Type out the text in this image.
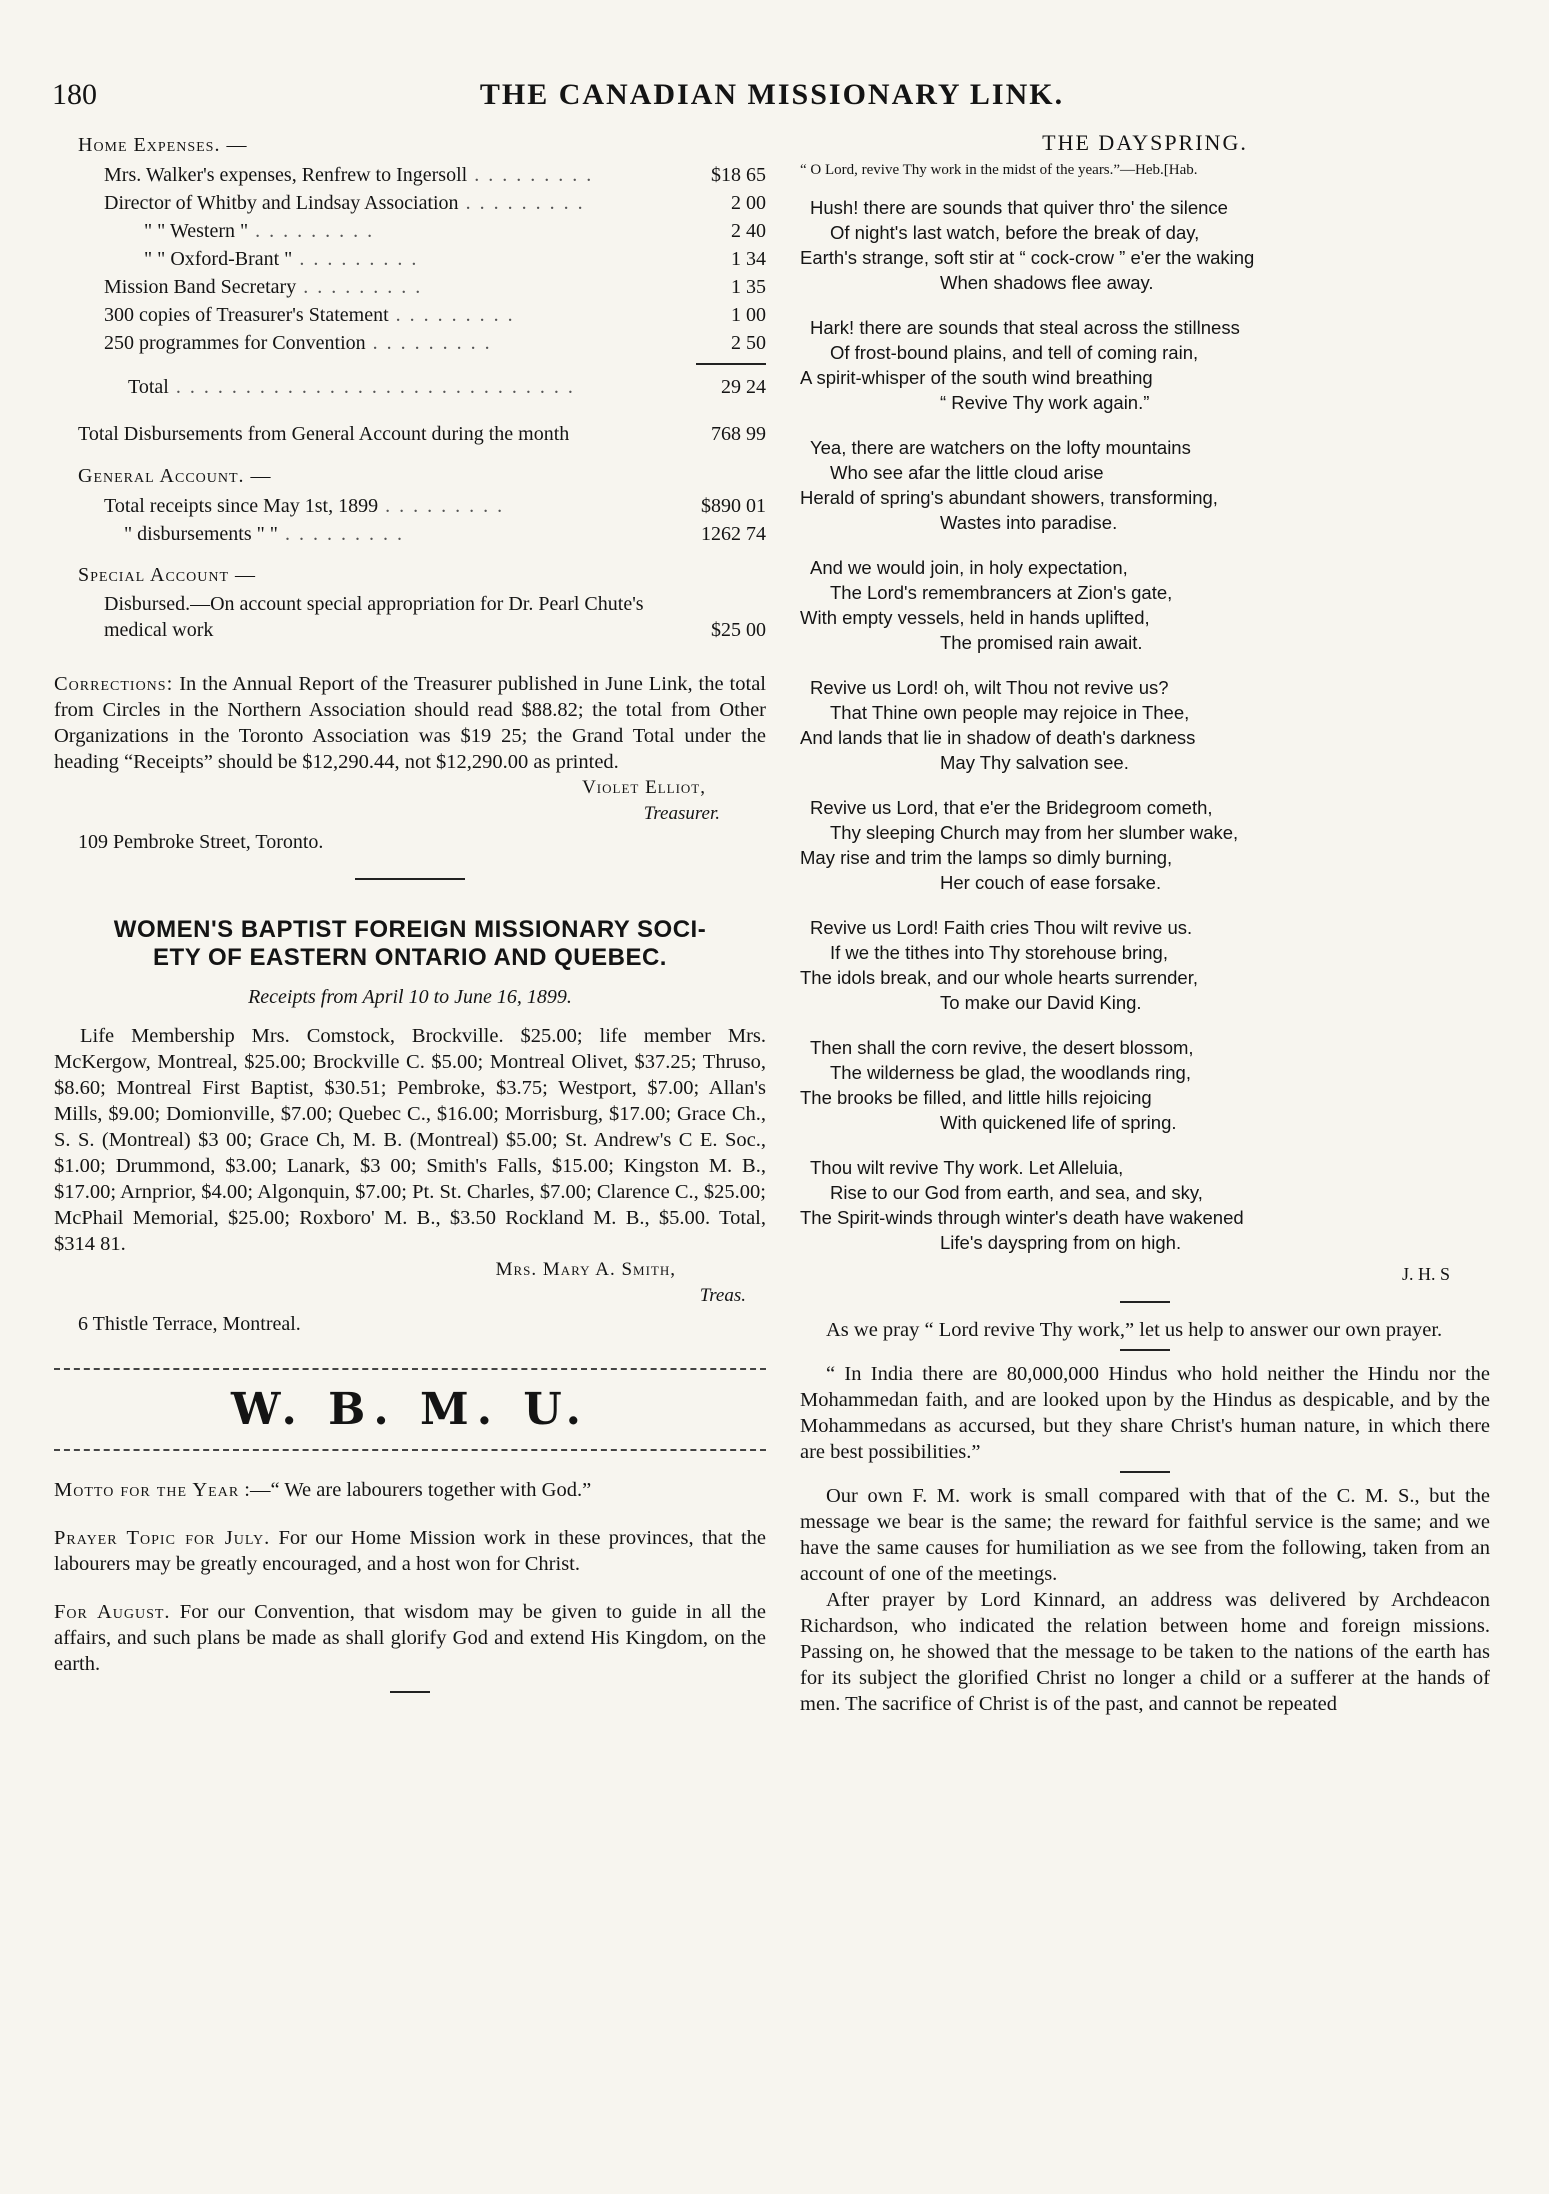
180	THE CANADIAN MISSIONARY LINK.
Home Expenses. —
Mrs. Walker's expenses, Renfrew to Ingersoll . . . . . . . . .	$18 65
Director of Whitby and Lindsay Association . . . . . . . . .	2 00
" " Western " . . . . . . . . .	2 40
" " Oxford-Brant " . . . . . . . . .	1 34
Mission Band Secretary . . . . . . . . .	1 35
300 copies of Treasurer's Statement . . . . . . . . .	1 00
250 programmes for Convention . . . . . . . . .	2 50
Total . . . . . . . . . . . . . . . . . . . . . . . . . . . . .	29 24
Total Disbursements from General Account during the month	768 99
General Account. —
Total receipts since May 1st, 1899 . . . . . . . . .	$890 01
" disbursements " " . . . . . . . . .	1262 74
Special Account —
Disbursed.—On account special appropriation for Dr. Pearl Chute's medical work	$25 00

Corrections: In the Annual Report of the Treasurer published in June Link, the total from Circles in the Northern Association should read $88.82; the total from Other Organizations in the Toronto Association was $19 25; the Grand Total under the heading “Receipts” should be $12,290.44, not $12,290.00 as printed.

Violet Elliot,

Treasurer.

109 Pembroke Street, Toronto.

WOMEN'S BAPTIST FOREIGN MISSIONARY SOCI-

ETY OF EASTERN ONTARIO AND QUEBEC.

Receipts from April 10 to June 16, 1899.

Life Membership Mrs. Comstock, Brockville. $25.00; life member Mrs. McKergow, Montreal, $25.00; Brockville C. $5.00; Montreal Olivet, $37.25; Thruso, $8.60; Montreal First Baptist, $30.51; Pembroke, $3.75; Westport, $7.00; Allan's Mills, $9.00; Domionville, $7.00; Quebec C., $16.00; Morrisburg, $17.00; Grace Ch., S. S. (Montreal) $3 00; Grace Ch, M. B. (Montreal) $5.00; St. Andrew's C E. Soc., $1.00; Drummond, $3.00; Lanark, $3 00; Smith's Falls, $15.00; Kingston M. B., $17.00; Arnprior, $4.00; Algonquin, $7.00; Pt. St. Charles, $7.00; Clarence C., $25.00; McPhail Memorial, $25.00; Roxboro' M. B., $3.50 Rockland M. B., $5.00. Total, $314 81.

Mrs. Mary A. Smith,

Treas.

6 Thistle Terrace, Montreal.

W. B. M. U.

Motto for the Year :—“ We are labourers together with God.”

Prayer Topic for July. For our Home Mission work in these provinces, that the labourers may be greatly encouraged, and a host won for Christ.

For August. For our Convention, that wisdom may be given to guide in all the affairs, and such plans be made as shall glorify God and extend His Kingdom, on the earth.

THE DAYSPRING.

“ O Lord, revive Thy work in the midst of the years.”—Heb.[Hab.

Hush! there are sounds that quiver thro' the silence
Of night's last watch, before the break of day,
Earth's strange, soft stir at “ cock-crow ” e'er the waking
When shadows flee away.
Hark! there are sounds that steal across the stillness
Of frost-bound plains, and tell of coming rain,
A spirit-whisper of the south wind breathing
“ Revive Thy work again.”
Yea, there are watchers on the lofty mountains
Who see afar the little cloud arise
Herald of spring's abundant showers, transforming,
Wastes into paradise.
And we would join, in holy expectation,
The Lord's remembrancers at Zion's gate,
With empty vessels, held in hands uplifted,
The promised rain await.
Revive us Lord! oh, wilt Thou not revive us?
That Thine own people may rejoice in Thee,
And lands that lie in shadow of death's darkness
May Thy salvation see.
Revive us Lord, that e'er the Bridegroom cometh,
Thy sleeping Church may from her slumber wake,
May rise and trim the lamps so dimly burning,
Her couch of ease forsake.
Revive us Lord! Faith cries Thou wilt revive us.
If we the tithes into Thy storehouse bring,
The idols break, and our whole hearts surrender,
To make our David King.
Then shall the corn revive, the desert blossom,
The wilderness be glad, the woodlands ring,
The brooks be filled, and little hills rejoicing
With quickened life of spring.
Thou wilt revive Thy work. Let Alleluia,
Rise to our God from earth, and sea, and sky,
The Spirit-winds through winter's death have wakened
Life's dayspring from on high.

J. H. S

As we pray “ Lord revive Thy work,” let us help to answer our own prayer.

“ In India there are 80,000,000 Hindus who hold neither the Hindu nor the Mohammedan faith, and are looked upon by the Hindus as despicable, and by the Mohammedans as accursed, but they share Christ's human nature, in which there are best possibilities.”

Our own F. M. work is small compared with that of the C. M. S., but the message we bear is the same; the reward for faithful service is the same; and we have the same causes for humiliation as we see from the following, taken from an account of one of the meetings.

After prayer by Lord Kinnard, an address was delivered by Archdeacon Richardson, who indicated the relation between home and foreign missions. Passing on, he showed that the message to be taken to the nations of the earth has for its subject the glorified Christ no longer a child or a sufferer at the hands of men. The sacrifice of Christ is of the past, and cannot be repeated
